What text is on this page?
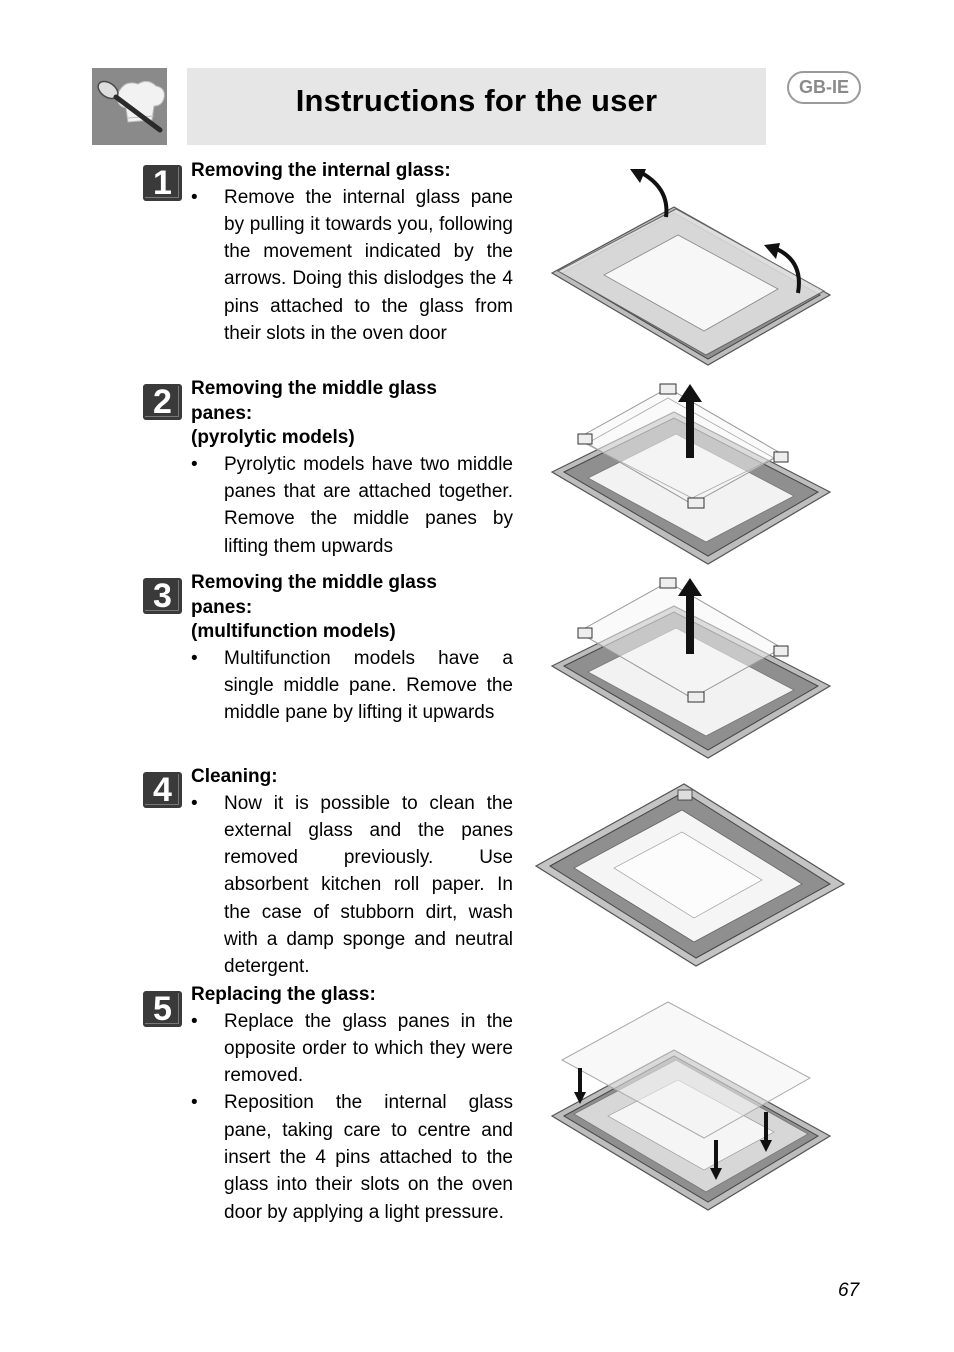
Instructions for the user	GB-IE
1	Removing the internal glass:
• Remove the internal glass pane by pulling it towards you, following the movement indicated by the arrows. Doing this dislodges the 4 pins attached to the glass from their slots in the oven door
2	Removing the middle glass
panes:
(pyrolytic models)
• Pyrolytic models have two middle panes that are attached together. Remove the middle panes by lifting them upwards
3	Removing the middle glass
panes:
(multifunction models)
• Multifunction models have a single middle pane. Remove the middle pane by lifting it upwards
4	Cleaning:
• Now it is possible to clean the external glass and the panes removed previously. Use absorbent kitchen roll paper. In the case of stubborn dirt, wash with a damp sponge and neutral detergent.
5	Replacing the glass:
• Replace the glass panes in the opposite order to which they were removed.
• Reposition the internal glass pane, taking care to centre and insert the 4 pins attached to the glass into their slots on the oven door by applying a light pressure.
67
